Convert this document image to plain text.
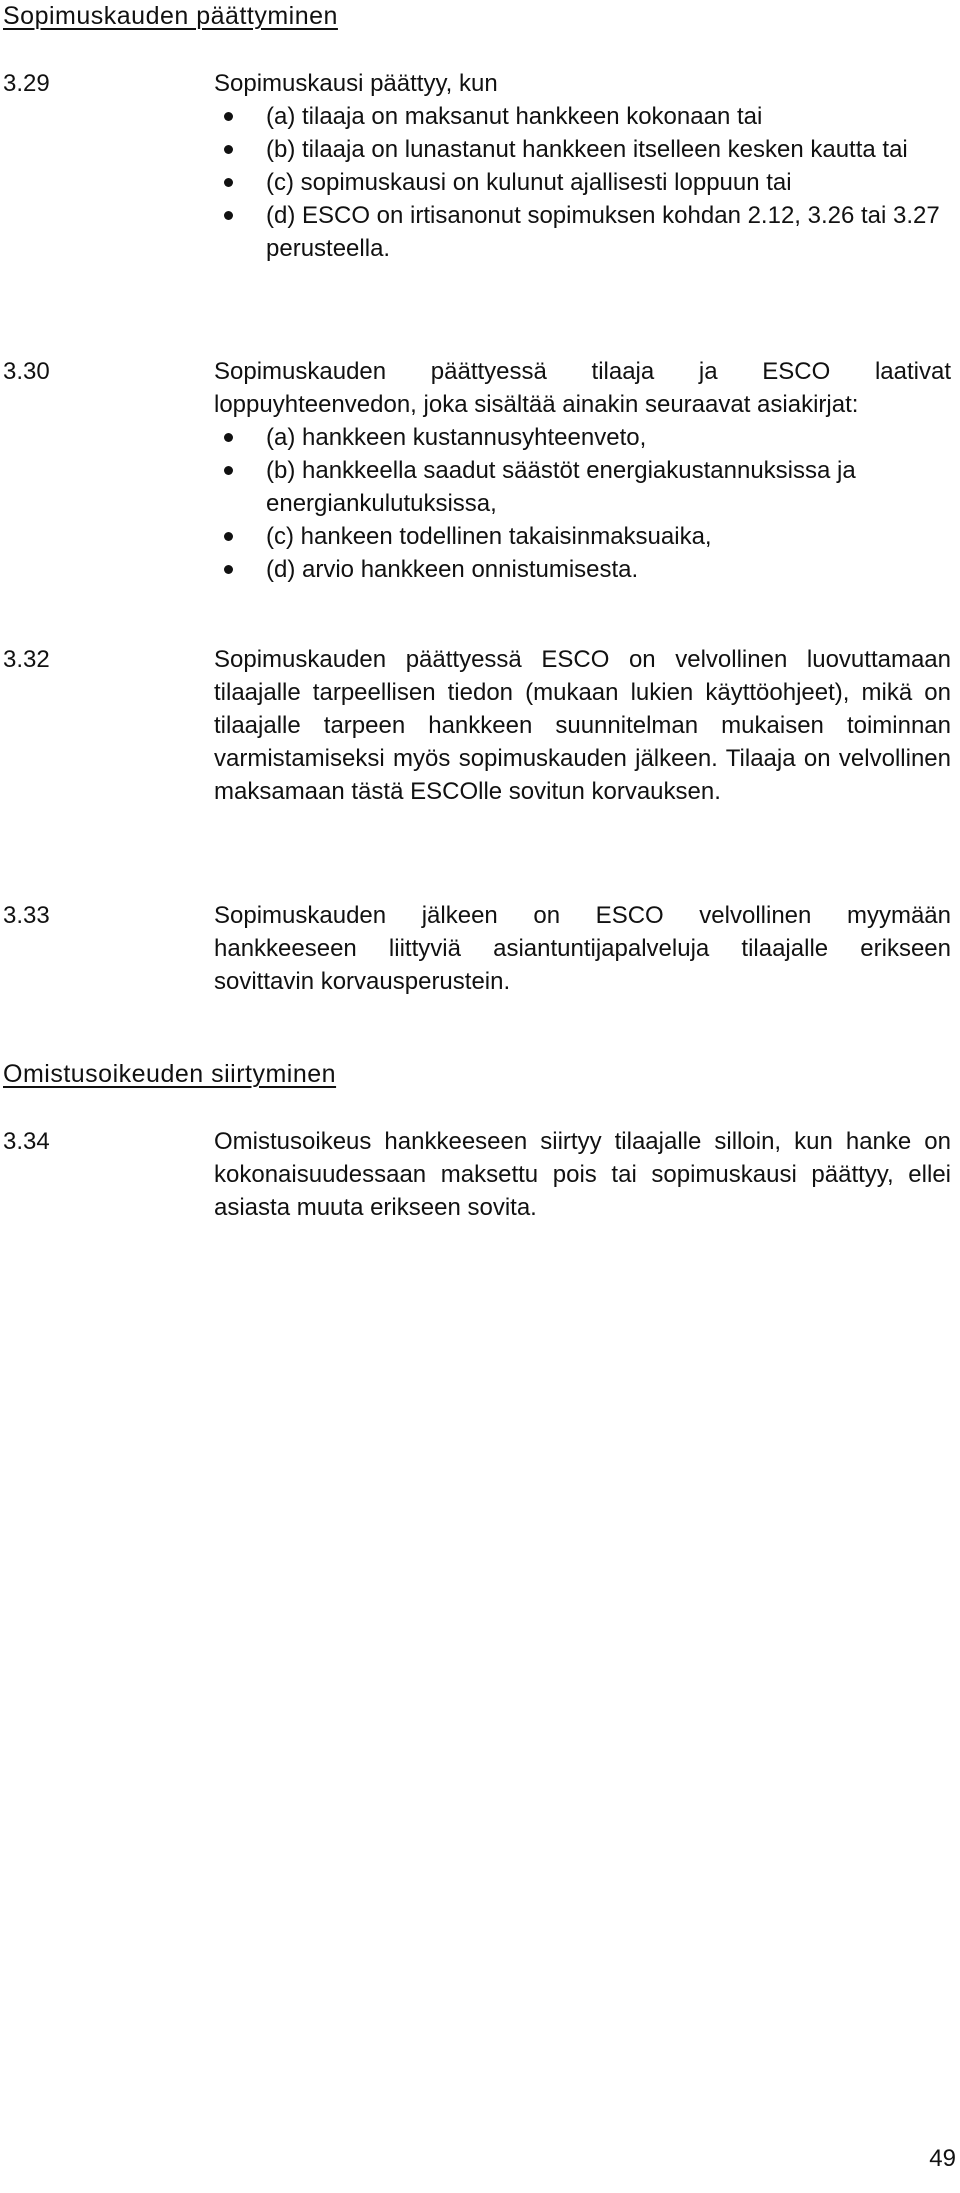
Sopimuskauden päättyminen
3.29	Sopimuskausi päättyy, kun

(a) tilaaja on maksanut hankkeen kokonaan tai
(b) tilaaja on lunastanut hankkeen itselleen kesken kautta tai
(c) sopimuskausi on kulunut ajallisesti loppuun tai
(d) ESCO on irtisanonut sopimuksen kohdan 2.12, 3.26 tai 3.27 perusteella.
3.30	Sopimuskauden päättyessä tilaaja ja ESCO laativat loppuyhteenvedon, joka sisältää ainakin seuraavat asiakirjat:

(a) hankkeen kustannusyhteenveto,
(b) hankkeella saadut säästöt energiakustannuksissa ja energiankulutuksissa,
(c) hankeen todellinen takaisinmaksuaika,
(d) arvio hankkeen onnistumisesta.
3.32	Sopimuskauden päättyessä ESCO on velvollinen luovuttamaan tilaajalle tarpeellisen tiedon (mukaan lukien käyttöohjeet), mikä on tilaajalle tarpeen hankkeen suunnitelman mukaisen toiminnan varmistamiseksi myös sopimuskauden jälkeen. Tilaaja on velvollinen maksamaan tästä ESCOlle sovitun korvauksen.

3.33	Sopimuskauden jälkeen on ESCO velvollinen myymään hankkeeseen liittyviä asiantuntijapalveluja tilaajalle erikseen sovittavin korvausperustein.

Omistusoikeuden siirtyminen
3.34	Omistusoikeus hankkeeseen siirtyy tilaajalle silloin, kun hanke on kokonaisuudessaan maksettu pois tai sopimuskausi päättyy, ellei asiasta muuta erikseen sovita.

49
